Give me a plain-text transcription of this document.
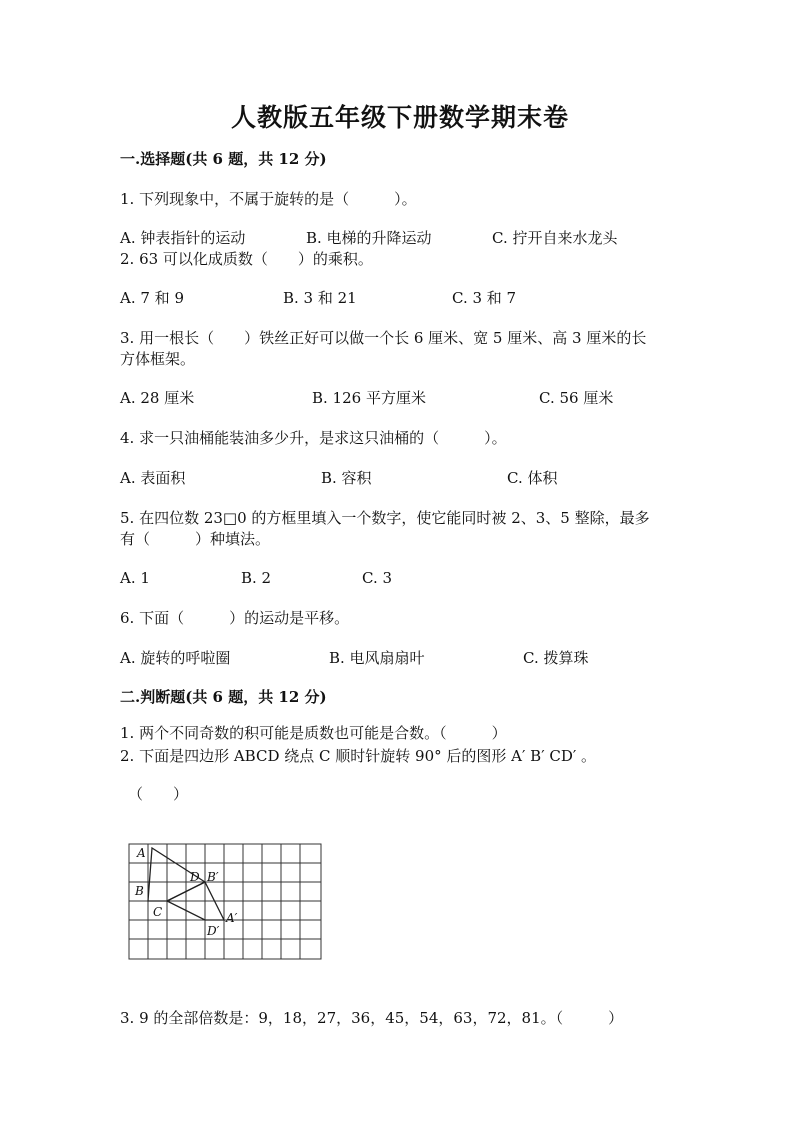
人教版五年级下册数学期末卷
一.选择题(共 6 题，共 12 分)
1. 下列现象中，不属于旋转的是（　　　）。
A. 钟表指针的运动	B. 电梯的升降运动	C. 拧开自来水龙头
2. 63 可以化成质数（　　）的乘积。
A. 7 和 9	B. 3 和 21	C. 3 和 7
3. 用一根长（　　）铁丝正好可以做一个长 6 厘米、宽 5 厘米、高 3 厘米的长
方体框架。
A. 28 厘米	B. 126 平方厘米	C. 56 厘米
4. 求一只油桶能装油多少升，是求这只油桶的（　　　）。
A. 表面积	B. 容积	C. 体积
5. 在四位数 23□0 的方框里填入一个数字，使它能同时被 2、3、5 整除，最多
有（　　　）种填法。
A. 1	B. 2	C. 3
6. 下面（　　　）的运动是平移。
A. 旋转的呼啦圈	B. 电风扇扇叶	C. 拨算珠
二.判断题(共 6 题，共 12 分)
1. 两个不同奇数的积可能是质数也可能是合数。（　　　）
2. 下面是四边形 ABCD 绕点 C 顺时针旋转 90° 后的图形 A′ B′ CD′ 。
（　　）
A
B
C
D B′
A′
D′
3. 9 的全部倍数是：9，18，27，36，45，54，63，72，81。（　　　）
